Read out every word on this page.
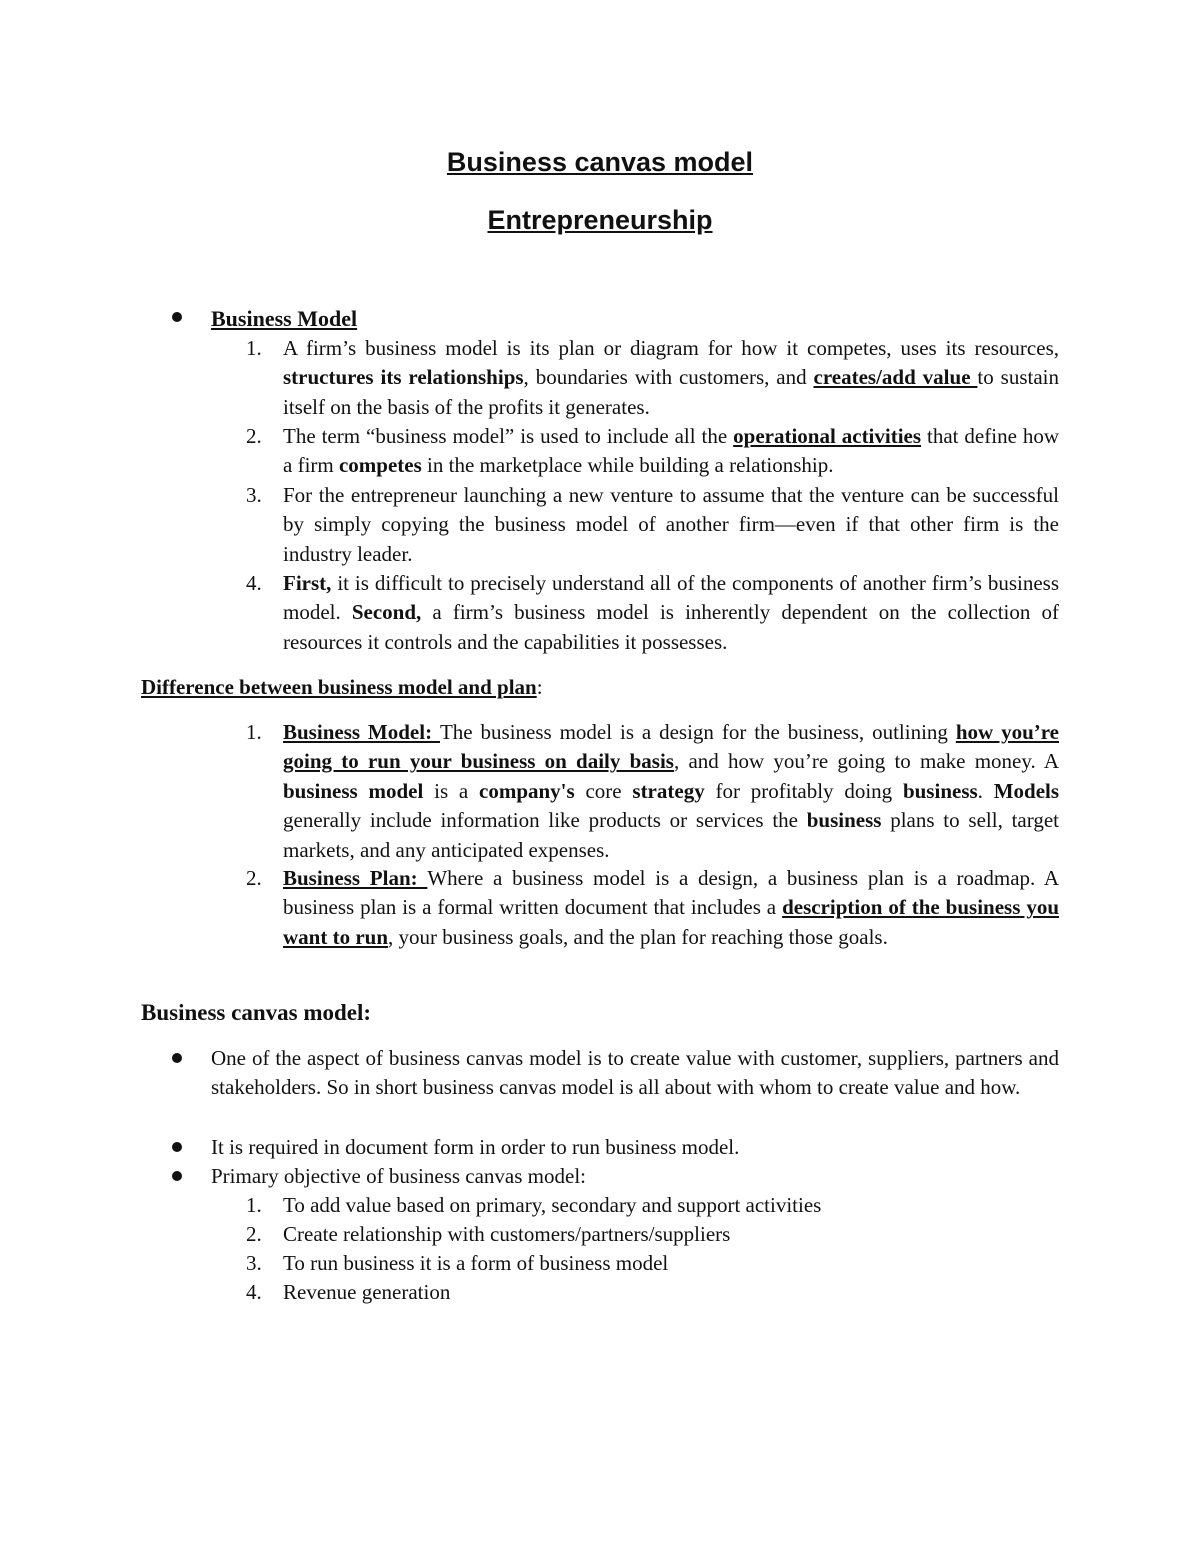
Business canvas model
Entrepreneurship
Business Model
1. A firm’s business model is its plan or diagram for how it competes, uses its resources, structures its relationships, boundaries with customers, and creates/add value to sustain itself on the basis of the profits it generates.
2. The term “business model” is used to include all the operational activities that define how a firm competes in the marketplace while building a relationship.
3. For the entrepreneur launching a new venture to assume that the venture can be successful by simply copying the business model of another firm—even if that other firm is the industry leader.
4. First, it is difficult to precisely understand all of the components of another firm’s business model. Second, a firm’s business model is inherently dependent on the collection of resources it controls and the capabilities it possesses.
Difference between business model and plan:
1. Business Model: The business model is a design for the business, outlining how you’re going to run your business on daily basis, and how you’re going to make money. A business model is a company's core strategy for profitably doing business. Models generally include information like products or services the business plans to sell, target markets, and any anticipated expenses.
2. Business Plan: Where a business model is a design, a business plan is a roadmap. A business plan is a formal written document that includes a description of the business you want to run, your business goals, and the plan for reaching those goals.
Business canvas model:
One of the aspect of business canvas model is to create value with customer, suppliers, partners and stakeholders. So in short business canvas model is all about with whom to create value and how.
It is required in document form in order to run business model.
Primary objective of business canvas model:
1. To add value based on primary, secondary and support activities
2. Create relationship with customers/partners/suppliers
3. To run business it is a form of business model
4. Revenue generation
